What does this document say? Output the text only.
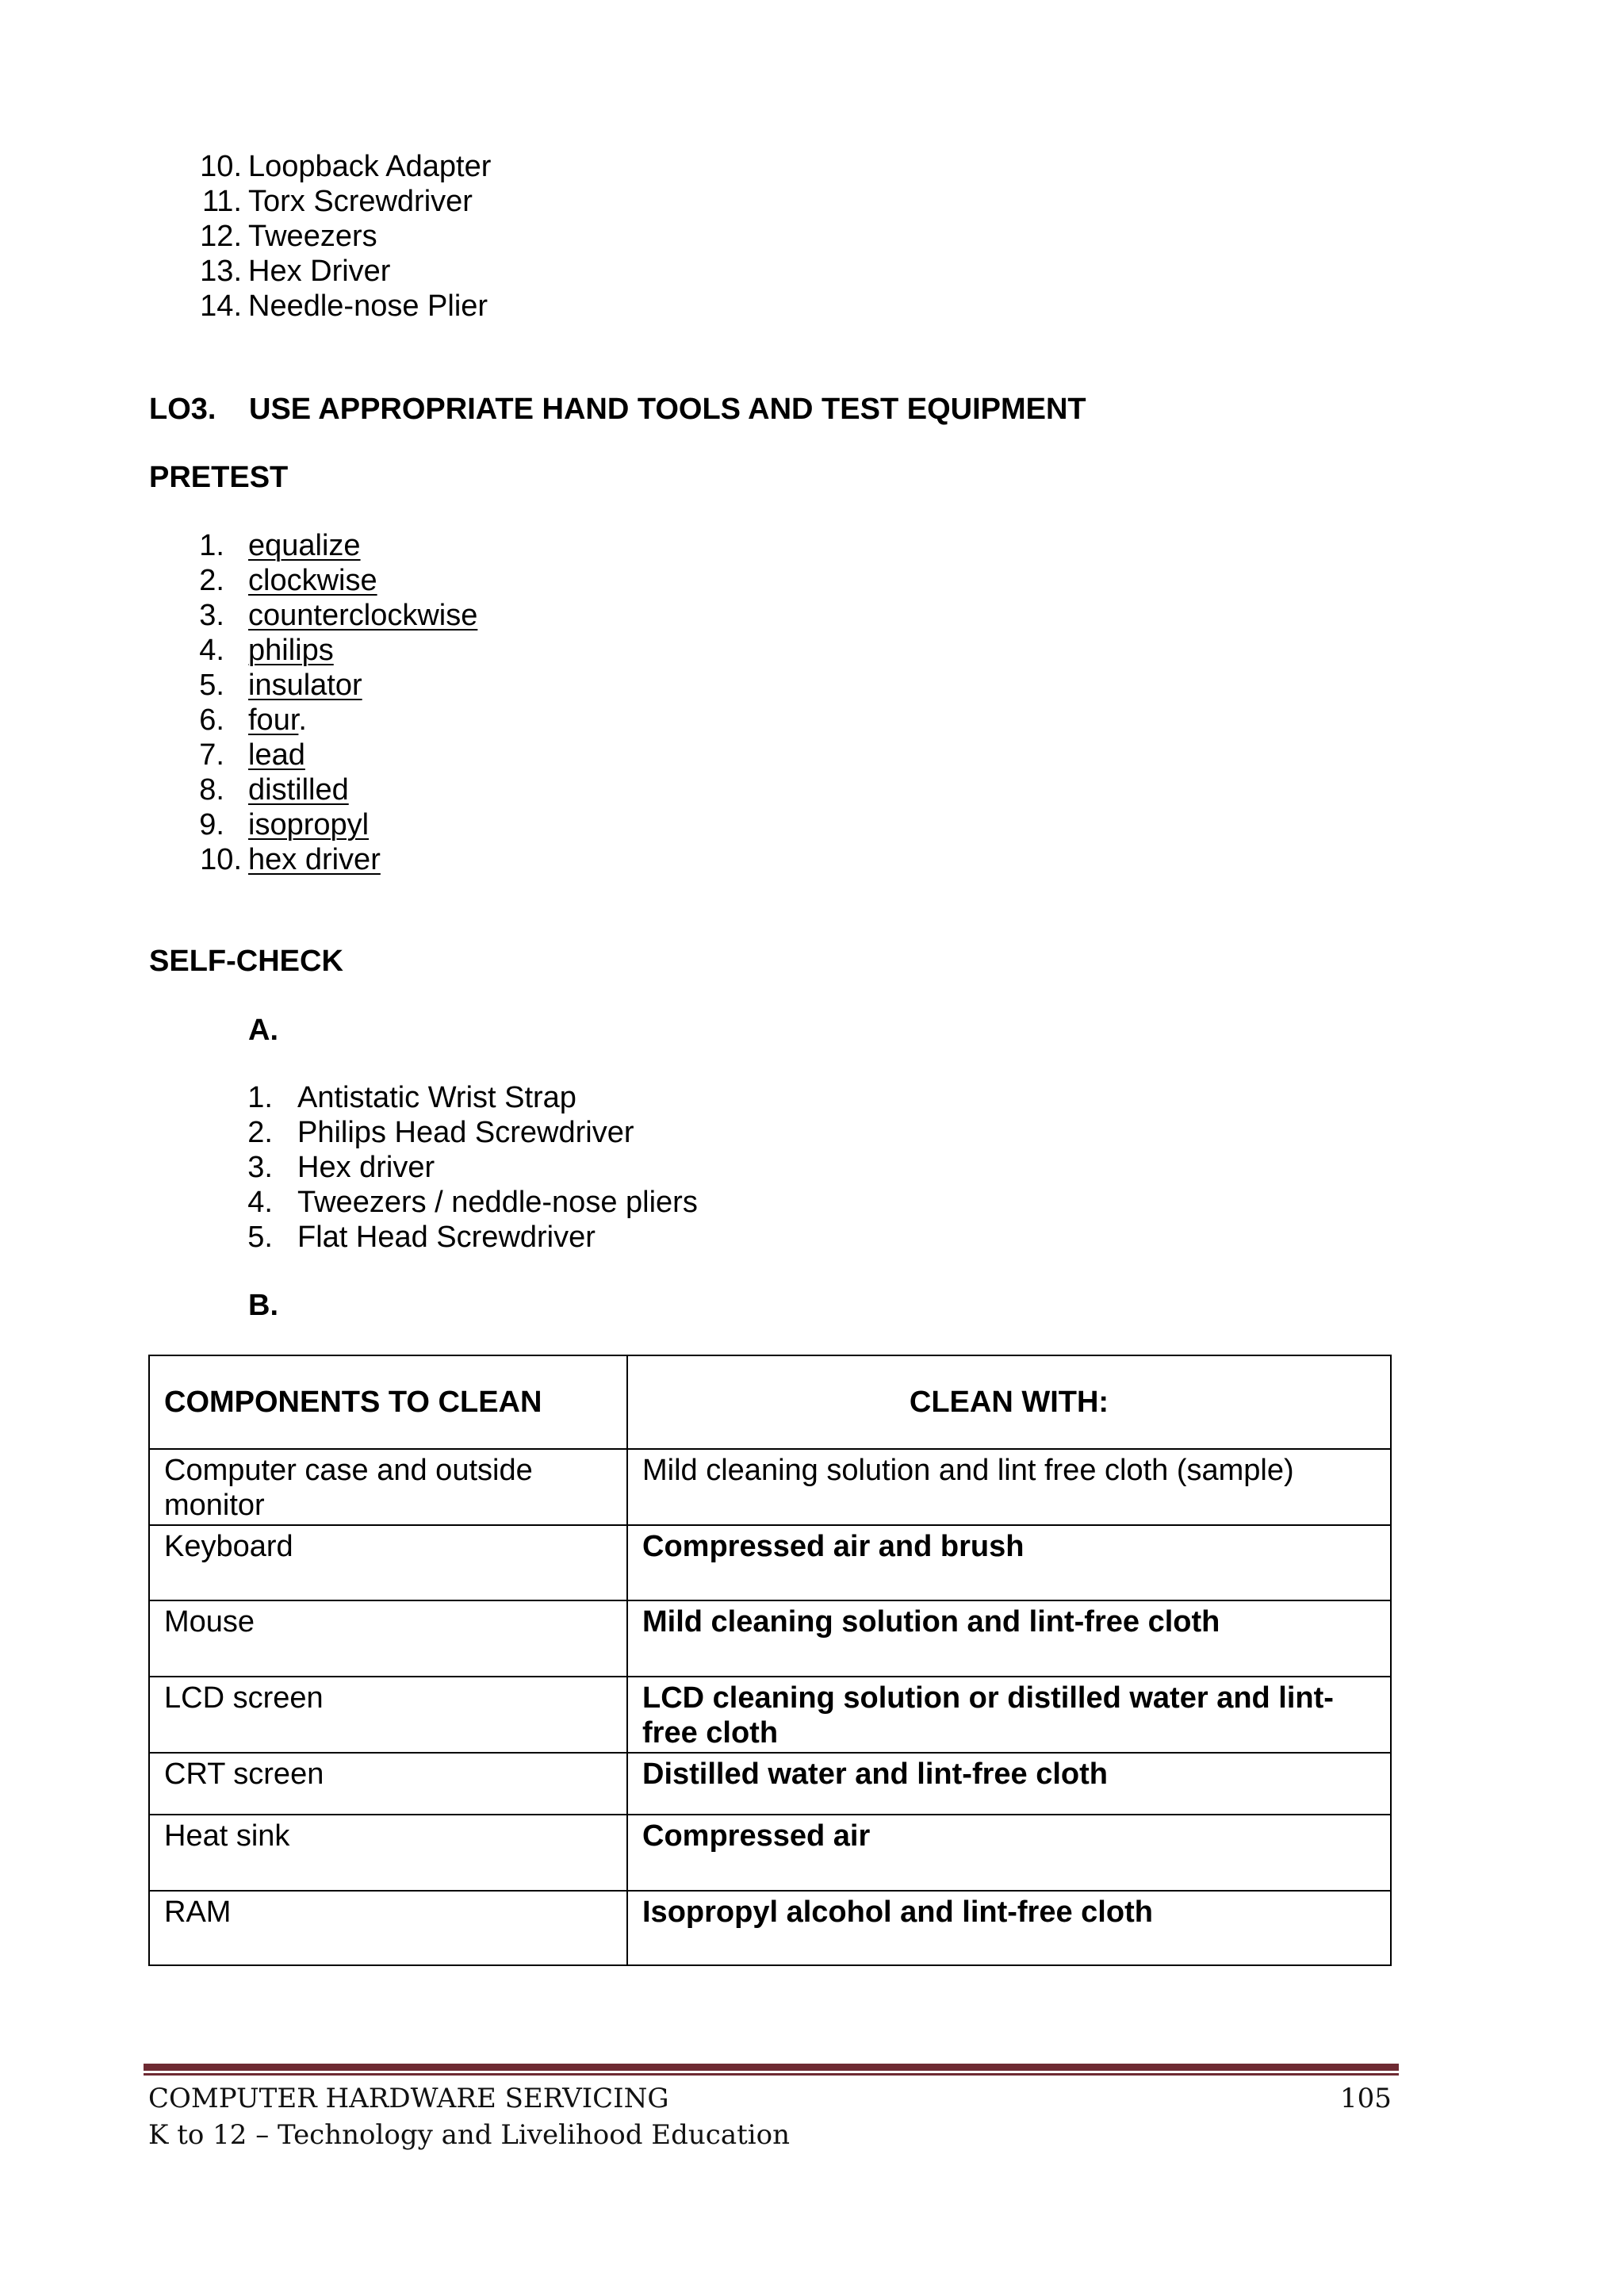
10. Loopback Adapter
11. Torx Screwdriver
12. Tweezers
13. Hex Driver
14. Needle-nose Plier
LO3. USE APPROPRIATE HAND TOOLS AND TEST EQUIPMENT
PRETEST
1. equalize
2. clockwise
3. counterclockwise
4. philips
5. insulator
6. four.
7. lead
8. distilled
9. isopropyl
10. hex driver
SELF-CHECK
A.
1. Antistatic Wrist Strap
2. Philips Head Screwdriver
3. Hex driver
4. Tweezers / neddle-nose pliers
5. Flat Head Screwdriver
B.
COMPONENTS TO CLEAN	CLEAN WITH:
Computer case and outside monitor	Mild cleaning solution and lint free cloth (sample)
Keyboard	Compressed air and brush
Mouse	Mild cleaning solution and lint-free cloth
LCD screen	LCD cleaning solution or distilled water and lint-free cloth
CRT screen	Distilled water and lint-free cloth
Heat sink	Compressed air
RAM	Isopropyl alcohol and lint-free cloth
COMPUTER HARDWARE SERVICING	105
K to 12 – Technology and Livelihood Education
